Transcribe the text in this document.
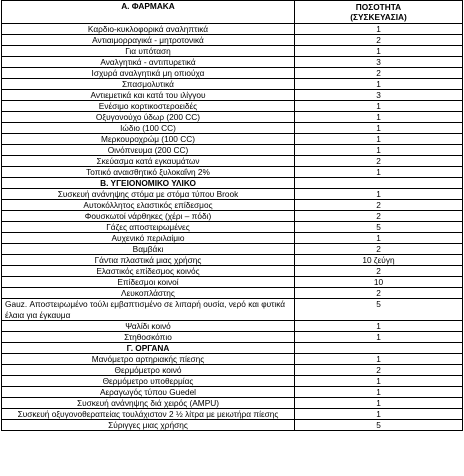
Α. ΦΑΡΜΑΚΑ	ΠΟΣΟΤΗΤΑ
(ΣΥΣΚΕΥΑΣΙΑ)
Καρδιο-κυκλοφορικά αναληπτικά	1
Αντιαιμορραγικά - μητροτονικά	2
Για υπόταση	1
Αναλγητικά - αντιπυρετικά	3
Ισχυρά αναλγητικά μη οπιούχα	2
Σπασμολυτικά	1
Αντιεμετικά και κατά του ιλίγγου	3
Ενέσιμο κορτικοστεροειδές	1
Οξυγονούχο ύδωρ (200 CC)	1
Ιώδιο (100 CC)	1
Μερκουροχρώμ (100 CC)	1
Οινόπνευμα (200 CC)	1
Σκεύασμα κατά εγκαυμάτων	2
Τοπικό αναισθητικό ξυλοκαΐνη 2%	1
Β. ΥΓΕΙΟΝΟΜΙΚΟ ΥΛΙΚΟ	
Συσκευή ανάνηψης στόμα με στόμα τύπου Brook	1
Αυτοκόλλητος ελαστικός επίδεσμος	2
Φουσκωτοί νάρθηκες (χέρι – πόδι)	2
Γάζες αποστειρωμένες	5
Αυχενικό περιλαίμιο	1
Βαμβάκι	2
Γάντια πλαστικά μιας χρήσης	10 ζεύγη
Ελαστικός επίδεσμος κοινός	2
Επίδεσμοι κοινοί	10
Λευκοπλάστης	2
Gauz. Αποστειρωμένο τούλι εμβαπτισμένο σε λιπαρή ουσία, νερό και φυτικά έλαια για έγκαυμα	5
Ψαλίδι κοινό	1
Στηθοσκόπιο	1
Γ. ΟΡΓΑΝΑ	
Μανόμετρο αρτηριακής πίεσης	1
Θερμόμετρο κοινό	2
Θερμόμετρο υποθερμίας	1
Αεραγωγός τύπου Guedel	1
Συσκευή ανάνηψης διά χειρός (AMPU)	1
Συσκευή οξυγονοθεραπείας τουλάχιστον 2 ½ λίτρα με μειωτήρα πίεσης	1
Σύριγγες μιας χρήσης	5
